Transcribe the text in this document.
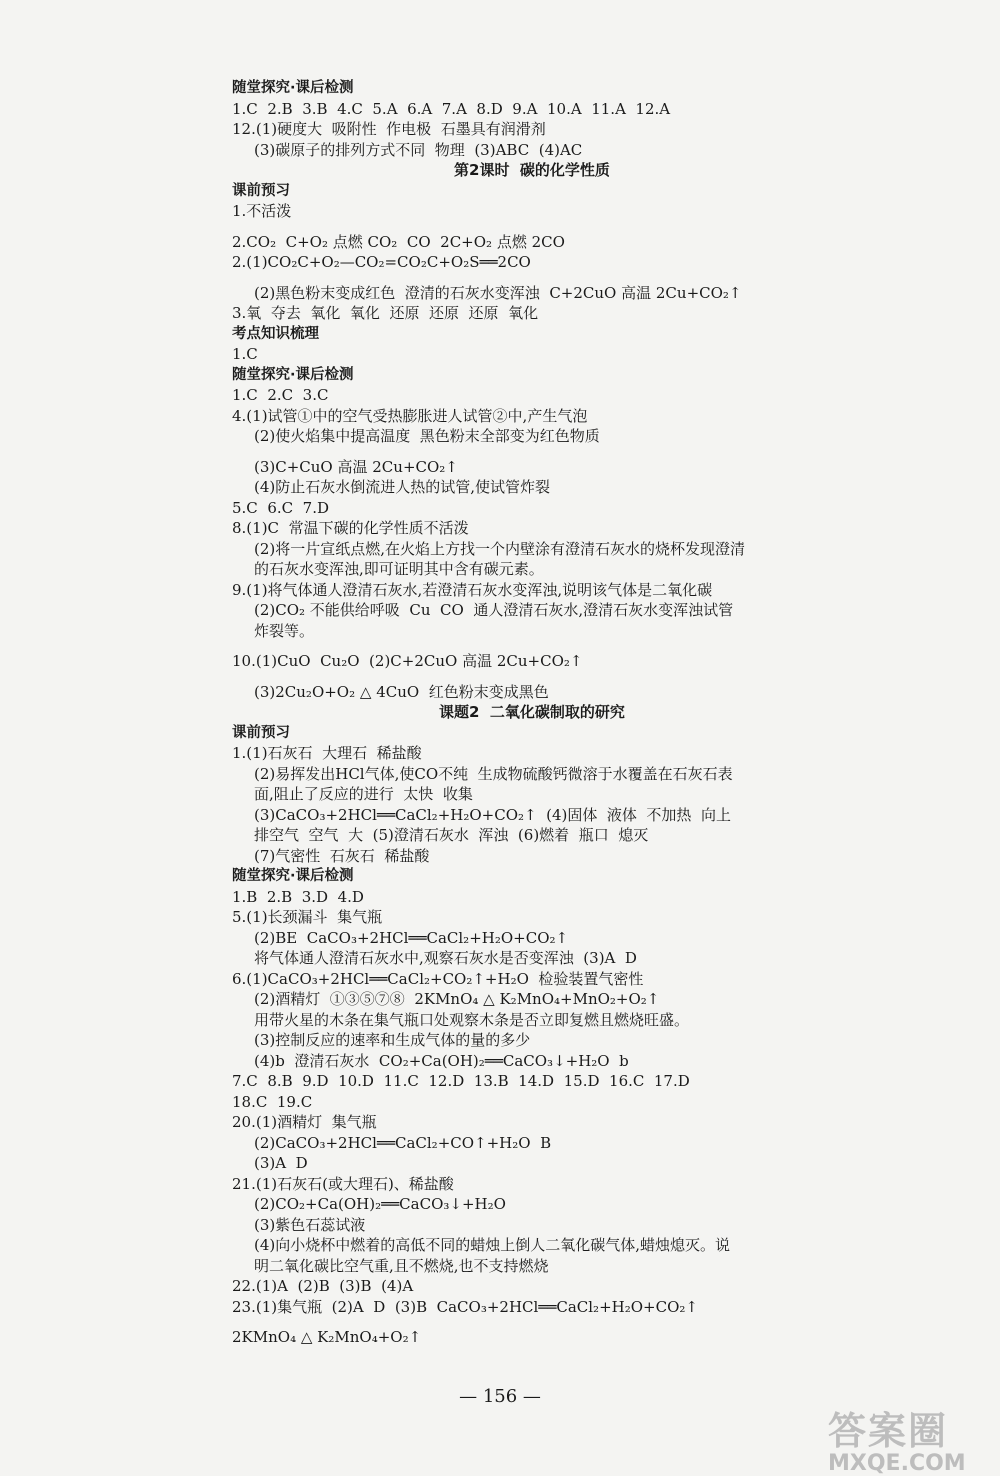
随堂探究·课后检测
1.C  2.B  3.B  4.C  5.A  6.A  7.A  8.D  9.A  10.A  11.A  12.A
12.(1)硬度大  吸附性  作电极  石墨具有润滑剂
(3)碳原子的排列方式不同  物理  (3)ABC  (4)AC
第2课时  碳的化学性质
课前预习
1.不活泼
2.CO₂  C+O₂ 点燃 CO₂  CO  2C+O₂ 点燃 2CO
2.(1)CO₂C+O₂—CO₂=CO₂C+O₂S══2CO
(2)黑色粉末变成红色  澄清的石灰水变浑浊  C+2CuO 高温 2Cu+CO₂↑
3.氧  夺去  氧化  氧化  还原  还原  还原  氧化
考点知识梳理
1.C
随堂探究·课后检测
1.C  2.C  3.C
4.(1)试管①中的空气受热膨胀进人试管②中,产生气泡
(2)使火焰集中提高温度  黑色粉末全部变为红色物质
(3)C+CuO 高温 2Cu+CO₂↑
(4)防止石灰水倒流进人热的试管,使试管炸裂
5.C  6.C  7.D
8.(1)C  常温下碳的化学性质不活泼
(2)将一片宣纸点燃,在火焰上方找一个内壁涂有澄清石灰水的烧杯发现澄清
的石灰水变浑浊,即可证明其中含有碳元素。
9.(1)将气体通人澄清石灰水,若澄清石灰水变浑浊,说明该气体是二氧化碳
(2)CO₂ 不能供给呼吸  Cu  CO  通人澄清石灰水,澄清石灰水变浑浊试管
炸裂等。
10.(1)CuO  Cu₂O  (2)C+2CuO 高温 2Cu+CO₂↑
(3)2Cu₂O+O₂ △ 4CuO  红色粉末变成黑色
课题2  二氧化碳制取的研究
课前预习
1.(1)石灰石  大理石  稀盐酸
(2)易挥发出HCl气体,使CO不纯  生成物硫酸钙微溶于水覆盖在石灰石表
面,阻止了反应的进行  太快  收集
(3)CaCO₃+2HCl══CaCl₂+H₂O+CO₂↑  (4)固体  液体  不加热  向上
排空气  空气  大  (5)澄清石灰水  浑浊  (6)燃着  瓶口  熄灭
(7)气密性  石灰石  稀盐酸
随堂探究·课后检测
1.B  2.B  3.D  4.D
5.(1)长颈漏斗  集气瓶
(2)BE  CaCO₃+2HCl══CaCl₂+H₂O+CO₂↑
将气体通人澄清石灰水中,观察石灰水是否变浑浊  (3)A  D
6.(1)CaCO₃+2HCl══CaCl₂+CO₂↑+H₂O  检验装置气密性
(2)酒精灯  ①③⑤⑦⑧  2KMnO₄ △ K₂MnO₄+MnO₂+O₂↑
用带火星的木条在集气瓶口处观察木条是否立即复燃且燃烧旺盛。
(3)控制反应的速率和生成气体的量的多少
(4)b  澄清石灰水  CO₂+Ca(OH)₂══CaCO₃↓+H₂O  b
7.C  8.B  9.D  10.D  11.C  12.D  13.B  14.D  15.D  16.C  17.D
18.C  19.C
20.(1)酒精灯  集气瓶
(2)CaCO₃+2HCl══CaCl₂+CO↑+H₂O  B
(3)A  D
21.(1)石灰石(或大理石)、稀盐酸
(2)CO₂+Ca(OH)₂══CaCO₃↓+H₂O
(3)紫色石蕊试液
(4)向小烧杯中燃着的高低不同的蜡烛上倒人二氧化碳气体,蜡烛熄灭。说
明二氧化碳比空气重,且不燃烧,也不支持燃烧
22.(1)A  (2)B  (3)B  (4)A
23.(1)集气瓶  (2)A  D  (3)B  CaCO₃+2HCl══CaCl₂+H₂O+CO₂↑
2KMnO₄ △ K₂MnO₄+O₂↑
— 156 —
答案圈
MXQE.COM
